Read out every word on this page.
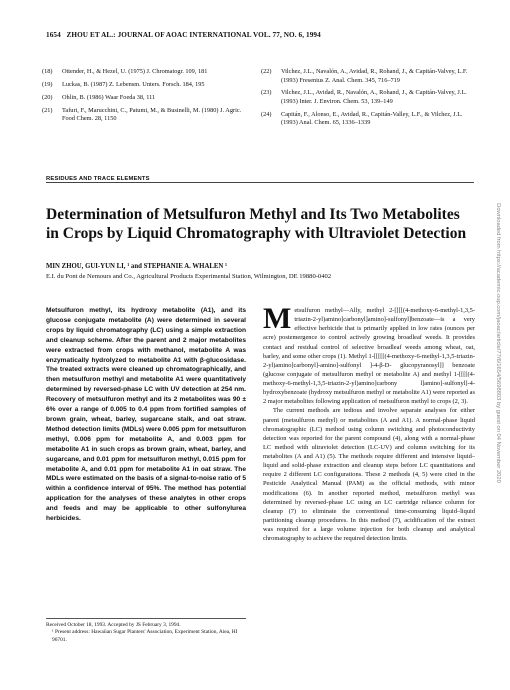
1654 ZHOU ET AL.: JOURNAL OF AOAC INTERNATIONAL VOL. 77, NO. 6, 1994
(18) Ottender, H., & Hezel, U. (1975) J. Chromatogr. 109, 181
(19) Luckas, B. (1987) Z. Lebensm. Unters. Forsch. 184, 195
(20) Ohlin, B. (1986) Waar Foeda 38, 111
(21) Tafuri, F., Marucchini, C., Patumi, M., & Businelli, M. (1980) J. Agric. Food Chem. 28, 1150
(22) Vilchez, J.L., Navalón, A., Avidad, R., Rohand, J., & Capitán-Valvey, L.F. (1993) Fresenius Z. Anal. Chem. 345, 716–719
(23) Vilchez, J.L., Avidad, R., Navalón, A., Rohand, J., & Capitán-Valvey, J.L. (1993) Inter. J. Environ. Chem. 53, 139–149
(24) Capitán, F., Alonso, E., Avidad, R., Capitán-Valley, L.F., & Vilchez, J.L. (1993) Anal. Chem. 65, 1336–1339
RESIDUES AND TRACE ELEMENTS
Determination of Metsulfuron Methyl and Its Two Metabolites in Crops by Liquid Chromatography with Ultraviolet Detection
MIN ZHOU, GUI-YUN LI, ¹ and STEPHANIE A. WHALEN ¹
E.I. du Pont de Nemours and Co., Agricultural Products Experimental Station, Wilmington, DE 19880-0402
Metsulfuron methyl, its hydroxy metabolite (A1), and its glucose conjugate metabolite (A) were determined in several crops by liquid chromatography (LC) using a simple extraction and cleanup scheme. After the parent and 2 major metabolites were extracted from crops with methanol, metabolite A was enzymatically hydrolyzed to metabolite A1 with β-glucosidase. The treated extracts were cleaned up chromatographically, and then metsulfuron methyl and metabolite A1 were quantitatively determined by reversed-phase LC with UV detection at 254 nm. Recovery of metsulfuron methyl and its 2 metabolites was 90 ± 6% over a range of 0.005 to 0.4 ppm from fortified samples of brown grain, wheat, barley, sugarcane stalk, and oat straw. Method detection limits (MDLs) were 0.005 ppm for metsulfuron methyl, 0.006 ppm for metabolite A, and 0.003 ppm for metabolite A1 in such crops as brown grain, wheat, barley, and sugarcane, and 0.01 ppm for metsulfuron methyl, 0.015 ppm for metabolite A, and 0.01 ppm for metabolite A1 in oat straw. The MDLs were estimated on the basis of a signal-to-noise ratio of 5 within a confidence interval of 95%. The method has potential application for the analyses of these analytes in other crops and feeds and may be applicable to other sulfonylurea herbicides.

Metsulfuron methyl—Ally, methyl 2-[[[[(4-methoxy-6-methyl-1,3,5-triazin-2-yl)amino]carbonyl]amino]-sulfonyl]benzoate—is a very effective herbicide that is primarily applied in low rates (ounces per acre) postemergence to control actively growing broadleaf weeds. It provides contact and residual control of selective broadleaf weeds among wheat, oat, barley, and some other crops (1). Methyl 1-[[[[[(4-methoxy-6-methyl-1,3,5-triazin-2-yl)amino]carbonyl]-amino]-sulfonyl ]-4-β-D- glucopyranosyl]] benzoate (glucose conjugate of metsulfuron methyl or metabolite A) and methyl 1-[[[[(4-methoxy-6-methyl-1,3,5-triazin-2-yl)amino]carbony l]amino]-sulfonyl]-4-hydroxybenzoate (hydroxy metsulfuron methyl or metabolite A1) were reported as 2 major metabolites following application of metsulfuron methyl to crops (2, 3).

The current methods are tedious and involve separate analyses for either parent (metsulfuron methyl) or metabolites (A and A1). A normal-phase liquid chromatographic (LC) method using column switching and photoconductivity detection was reported for the parent compound (4), along with a normal-phase LC method with ultraviolet detection (LC-UV) and column switching for its metabolites (A and A1) (5). The methods require different and intensive liquid–liquid and solid-phase extraction and cleanup steps before LC quantitations and require 2 different LC configurations. These 2 methods (4, 5) were cited in the Pesticide Analytical Manual (PAM) as the official methods, with minor modifications (6). In another reported method, metsulfuron methyl was determined by reversed-phase LC using an LC cartridge reliance column for cleanup (7) to eliminate the conventional time-consuming liquid–liquid partitioning cleanup procedures. In this method (7), acidification of the extract was required for a large volume injection for both cleanup and analytical chromatography to achieve the required detection limits.

Received October 18, 1993. Accepted by JS February 3, 1994.
¹ Present address: Hawaiian Sugar Planters' Association, Experiment Station, Aiea, HI 96701.
Downloaded from https://academic.oup.com/jaoac/article/77/6/1654/5698803 by guest on 04 November 2020
